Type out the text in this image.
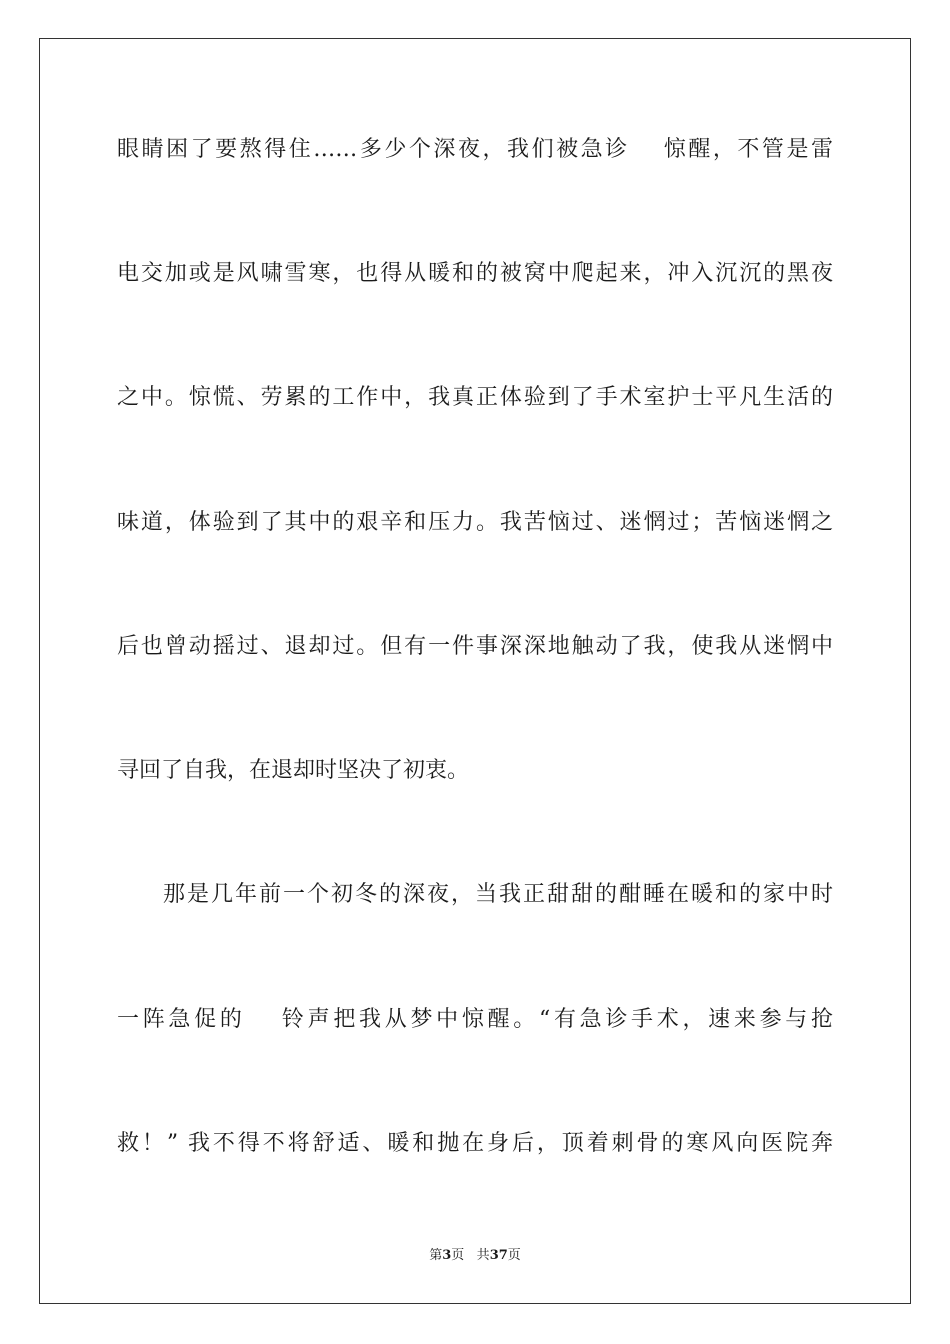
眼睛困了要熬得住……多少个深夜，我们被急诊　 惊醒，不管是雷
电交加或是风啸雪寒，也得从暖和的被窝中爬起来，冲入沉沉的黑夜
之中。惊慌、劳累的工作中，我真正体验到了手术室护士平凡生活的
味道，体验到了其中的艰辛和压力。我苦恼过、迷惘过；苦恼迷惘之
后也曾动摇过、退却过。但有一件事深深地触动了我，使我从迷惘中
寻回了自我，在退却时坚决了初衷。
那是几年前一个初冬的深夜，当我正甜甜的酣睡在暖和的家中时
一阵急促的　 铃声把我从梦中惊醒。“有急诊手术，速来参与抢
救！” 我不得不将舒适、暖和抛在身后，顶着刺骨的寒风向医院奔
第3页 共37页
